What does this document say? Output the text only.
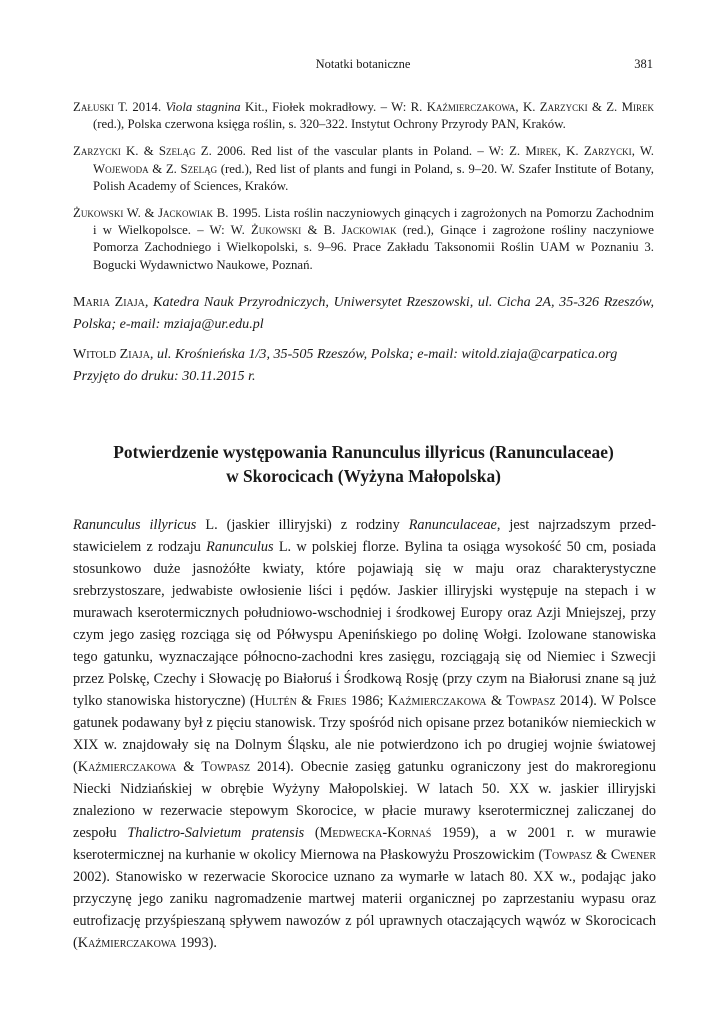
Notatki botaniczne	381

Załuski T. 2014. Viola stagnina Kit., Fiołek mokradłowy. – W: R. Kaźmierczakowa, K. Zarzycki & Z. Mirek (red.), Polska czerwona księga roślin, s. 320–322. Instytut Ochrony Przyrody PAN, Kraków.

Zarzycki K. & Szeląg Z. 2006. Red list of the vascular plants in Poland. – W: Z. Mirek, K. Zarzycki, W. Wojewoda & Z. Szeląg (red.), Red list of plants and fungi in Poland, s. 9–20. W. Szafer Institute of Botany, Polish Academy of Sciences, Kraków.

Żukowski W. & Jackowiak B. 1995. Lista roślin naczyniowych ginących i zagrożonych na Pomorzu Zachodnim i w Wielkopolsce. – W: W. Żukowski & B. Jackowiak (red.), Ginące i zagrożone rośliny naczyniowe Pomorza Zachodniego i Wielkopolski, s. 9–96. Prace Zakładu Taksonomii Roślin UAM w Poznaniu 3. Bogucki Wydawnictwo Naukowe, Poznań.

Maria Ziaja, Katedra Nauk Przyrodniczych, Uniwersytet Rzeszowski, ul. Cicha 2A, 35-326 Rzeszów, Polska; e-mail: mziaja@ur.edu.pl

Witold Ziaja, ul. Krośnieńska 1/3, 35-505 Rzeszów, Polska; e-mail: witold.ziaja@carpatica.org

Przyjęto do druku: 30.11.2015 r.
Potwierdzenie występowania Ranunculus illyricus (Ranunculaceae)
w Skorocicach (Wyżyna Małopolska)
Ranunculus illyricus L. (jaskier illiryjski) z rodziny Ranunculaceae, jest najrzadszym przedstawicielem z rodzaju Ranunculus L. w polskiej florze. Bylina ta osiąga wysokość 50 cm, posiada stosunkowo duże jasnożółte kwiaty, które pojawiają się w maju oraz charakterystyczne srebrzystoszare, jedwabiste owłosienie liści i pędów. Jaskier illiryjski występuje na stepach i w murawach kserotermicznych południowo-wschodniej i środkowej Europy oraz Azji Mniejszej, przy czym jego zasięg rozciąga się od Półwyspu Apenińskiego po dolinę Wołgi. Izolowane stanowiska tego gatunku, wyznaczające północno-zachodni kres zasięgu, rozciągają się od Niemiec i Szwecji przez Polskę, Czechy i Słowację po Białoruś i Środkową Rosję (przy czym na Białorusi znane są już tylko stanowiska historyczne) (Hultén & Fries 1986; Kaźmierczakowa & Towpasz 2014). W Polsce gatunek podawany był z pięciu stanowisk. Trzy spośród nich opisane przez botaników niemieckich w XIX w. znajdowały się na Dolnym Śląsku, ale nie potwierdzono ich po drugiej wojnie światowej (Kaźmierczakowa & Towpasz 2014). Obecnie zasięg gatunku ograniczony jest do makroregionu Niecki Nidziańskiej w obrębie Wyżyny Małopolskiej. W latach 50. XX w. jaskier illiryjski znaleziono w rezerwacie stepowym Skorocice, w płacie murawy kserotermicznej zaliczanej do zespołu Thalictro-Salvietum pratensis (Medwecka-Kornaś 1959), a w 2001 r. w murawie kserotermicznej na kurhanie w okolicy Miernowa na Płaskowyżu Proszowickim (Towpasz & Cwener 2002). Stanowisko w rezerwacie Skorocice uznano za wymarłe w latach 80. XX w., podając jako przyczynę jego zaniku nagromadzenie martwej materii organicznej po zaprzestaniu wypasu oraz eutrofizację przyśpieszaną spływem nawozów z pól uprawnych otaczających wąwóz w Skorocicach (Kaźmierczakowa 1993).
